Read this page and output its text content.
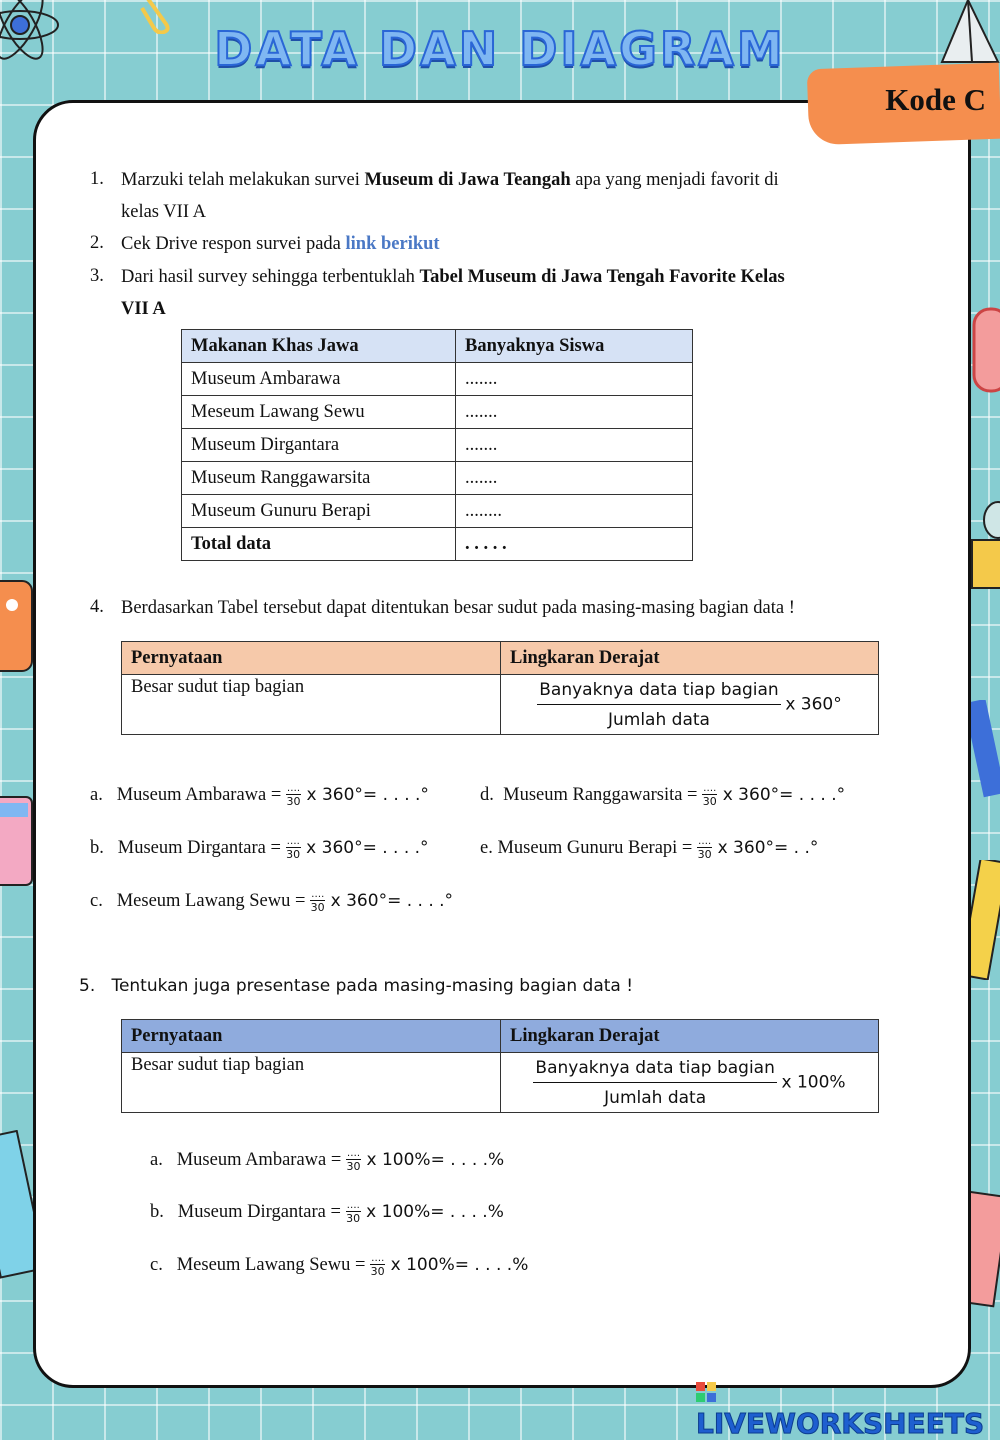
DATA DAN DIAGRAM
Kode C
1. Marzuki telah melakukan survei Museum di Jawa Teangah apa yang menjadi favorit di
kelas VII A
2. Cek Drive respon survei pada link berikut
3. Dari hasil survey sehingga terbentuklah Tabel Museum di Jawa Tengah Favorite Kelas
VII A
Makanan Khas Jawa	Banyaknya Siswa
Museum Ambarawa	.......
Meseum Lawang Sewu	.......
Museum Dirgantara	.......
Museum Ranggawarsita	.......
Museum Gunuru Berapi	........
Total data	. . . . .
4. Berdasarkan Tabel tersebut dapat ditentukan besar sudut pada masing-masing bagian data !
Pernyataan	Lingkaran Derajat
Besar sudut tiap bagian	Banyaknya data tiap bagian
Jumlah data
x 360°
a. Museum Ambarawa = $\frac{\dots.}{30}$ x 360°= . . . .°	d. Museum Ranggawarsita = $\frac{\dots.}{30}$ x 360°= . . . .°
b. Museum Dirgantara = $\frac{\dots.}{30}$ x 360°= . . . .°	e. Museum Gunuru Berapi = $\frac{\dots.}{30}$ x 360°= . .°
c. Meseum Lawang Sewu = $\frac{\dots.}{30}$ x 360°= . . . .°
5. Tentukan juga presentase pada masing-masing bagian data !
Pernyataan	Lingkaran Derajat
Besar sudut tiap bagian	Banyaknya data tiap bagian
Jumlah data
x 100%
a. Museum Ambarawa = $\frac{\dots.}{30}$ x 100%= . . . .%
b. Museum Dirgantara = $\frac{\dots.}{30}$ x 100%= . . . .%
c. Meseum Lawang Sewu = $\frac{\dots.}{30}$ x 100%= . . . .%
LIVEWORKSHEETS
